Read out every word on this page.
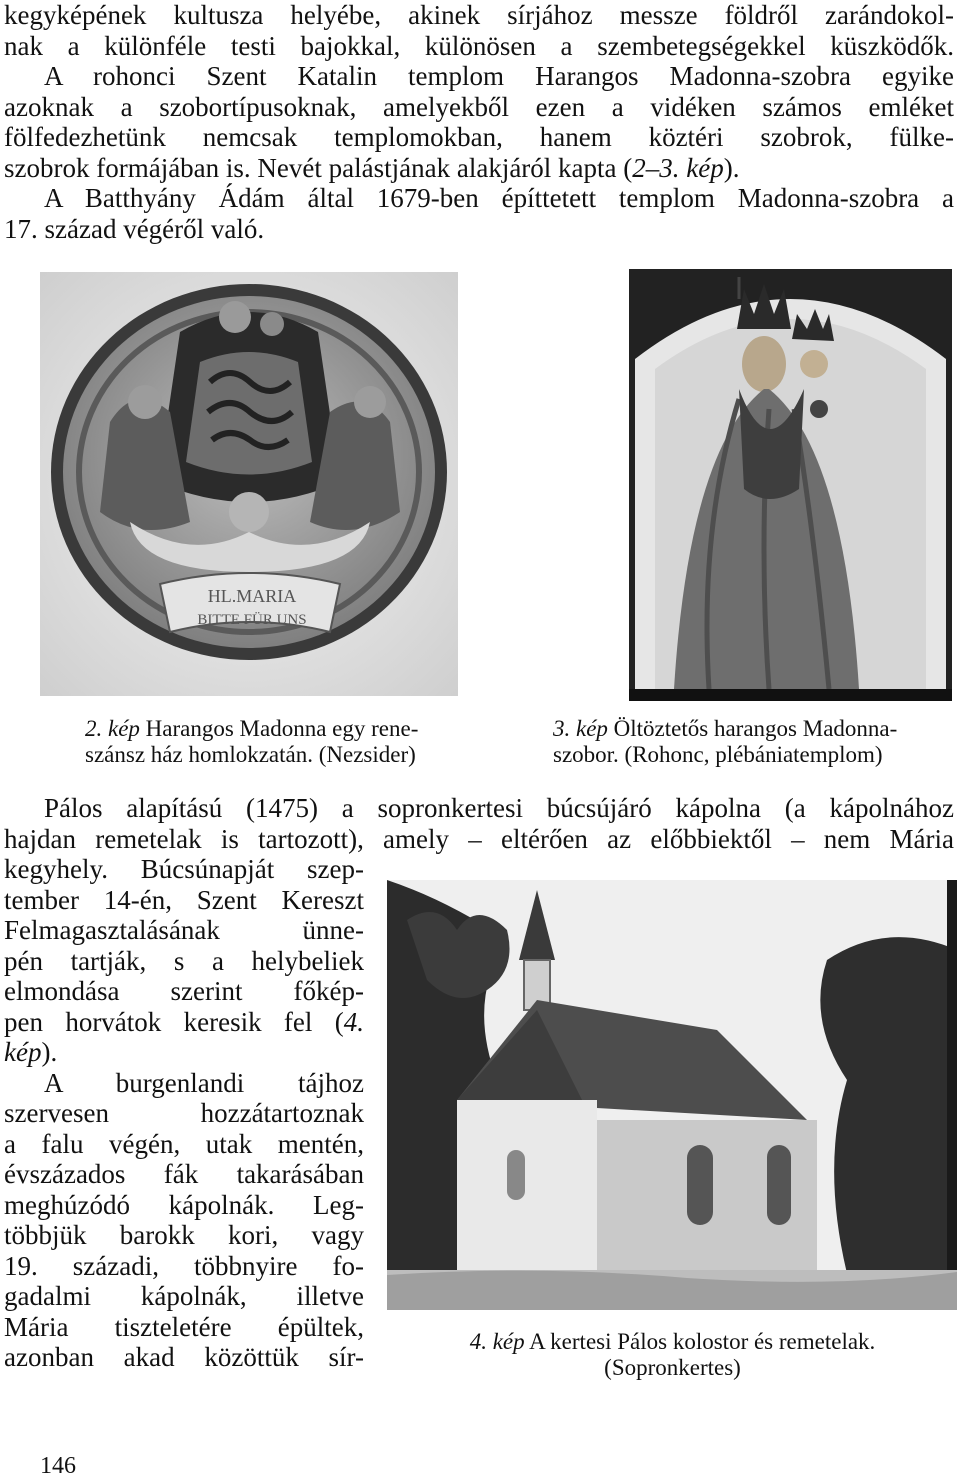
kegyképének kultusza helyébe, akinek sírjához messze földről zarándokol-

nak a különféle testi bajokkal, különösen a szembetegségekkel küszködők.

A rohonci Szent Katalin templom Harangos Madonna-szobra egyike

azoknak a szobortípusoknak, amelyekből ezen a vidéken számos emléket

fölfedezhetünk nemcsak templomokban, hanem köztéri szobrok, fülke-

szobrok formájában is. Nevét palástjának alakjáról kapta (2–3. kép).

A Batthyány Ádám által 1679-ben építtetett templom Madonna-szobra a

17. század végéről való.

HL.MARIA
BITTE FÜR UNS

2. kép Harangos Madonna egy rene-

szánsz ház homlokzatán. (Nezsider)

3. kép Öltöztetős harangos Madonna-

szobor. (Rohonc, plébániatemplom)

Pálos alapítású (1475) a sopronkertesi búcsújáró kápolna (a kápolnához

hajdan remetelak is tartozott), amely – eltérően az előbbiektől – nem Mária

kegyhely. Búcsúnapját szep-

tember 14-én, Szent Kereszt

Felmagasztalásának ünne-

pén tartják, s a helybeliek

elmondása szerint főkép-

pen horvátok keresik fel (4.

kép).

A burgenlandi tájhoz

szervesen hozzátartoznak

a falu végén, utak mentén,

évszázados fák takarásában

meghúzódó kápolnák. Leg-

többjük barokk kori, vagy

19. századi, többnyire fo-

gadalmi kápolnák, illetve

Mária tiszteletére épültek,

azonban akad közöttük sír-

4. kép A kertesi Pálos kolostor és remetelak.

(Sopronkertes)

146
